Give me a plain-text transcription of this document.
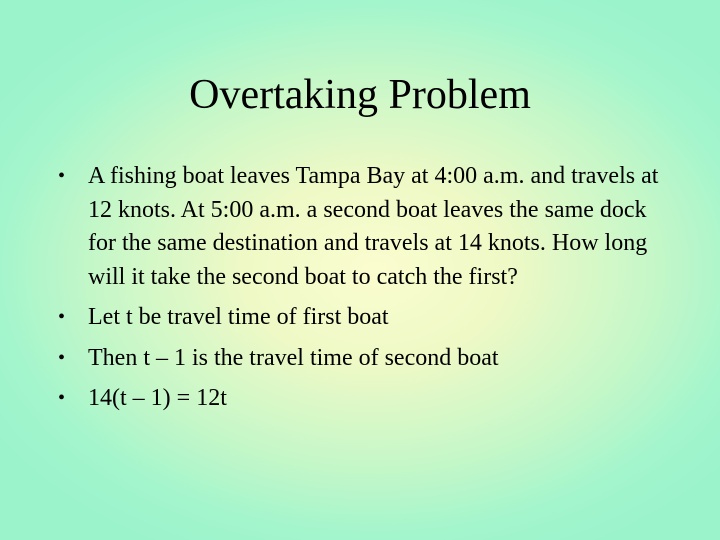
Overtaking Problem
• A fishing boat leaves Tampa Bay at 4:00 a.m. and travels at 12 knots. At 5:00 a.m. a second boat leaves the same dock for the same destination and travels at 14 knots. How long will it take the second boat to catch the first?
• Let t be travel time of first boat
• Then t – 1 is the travel time of second boat
• 14(t – 1) = 12t
